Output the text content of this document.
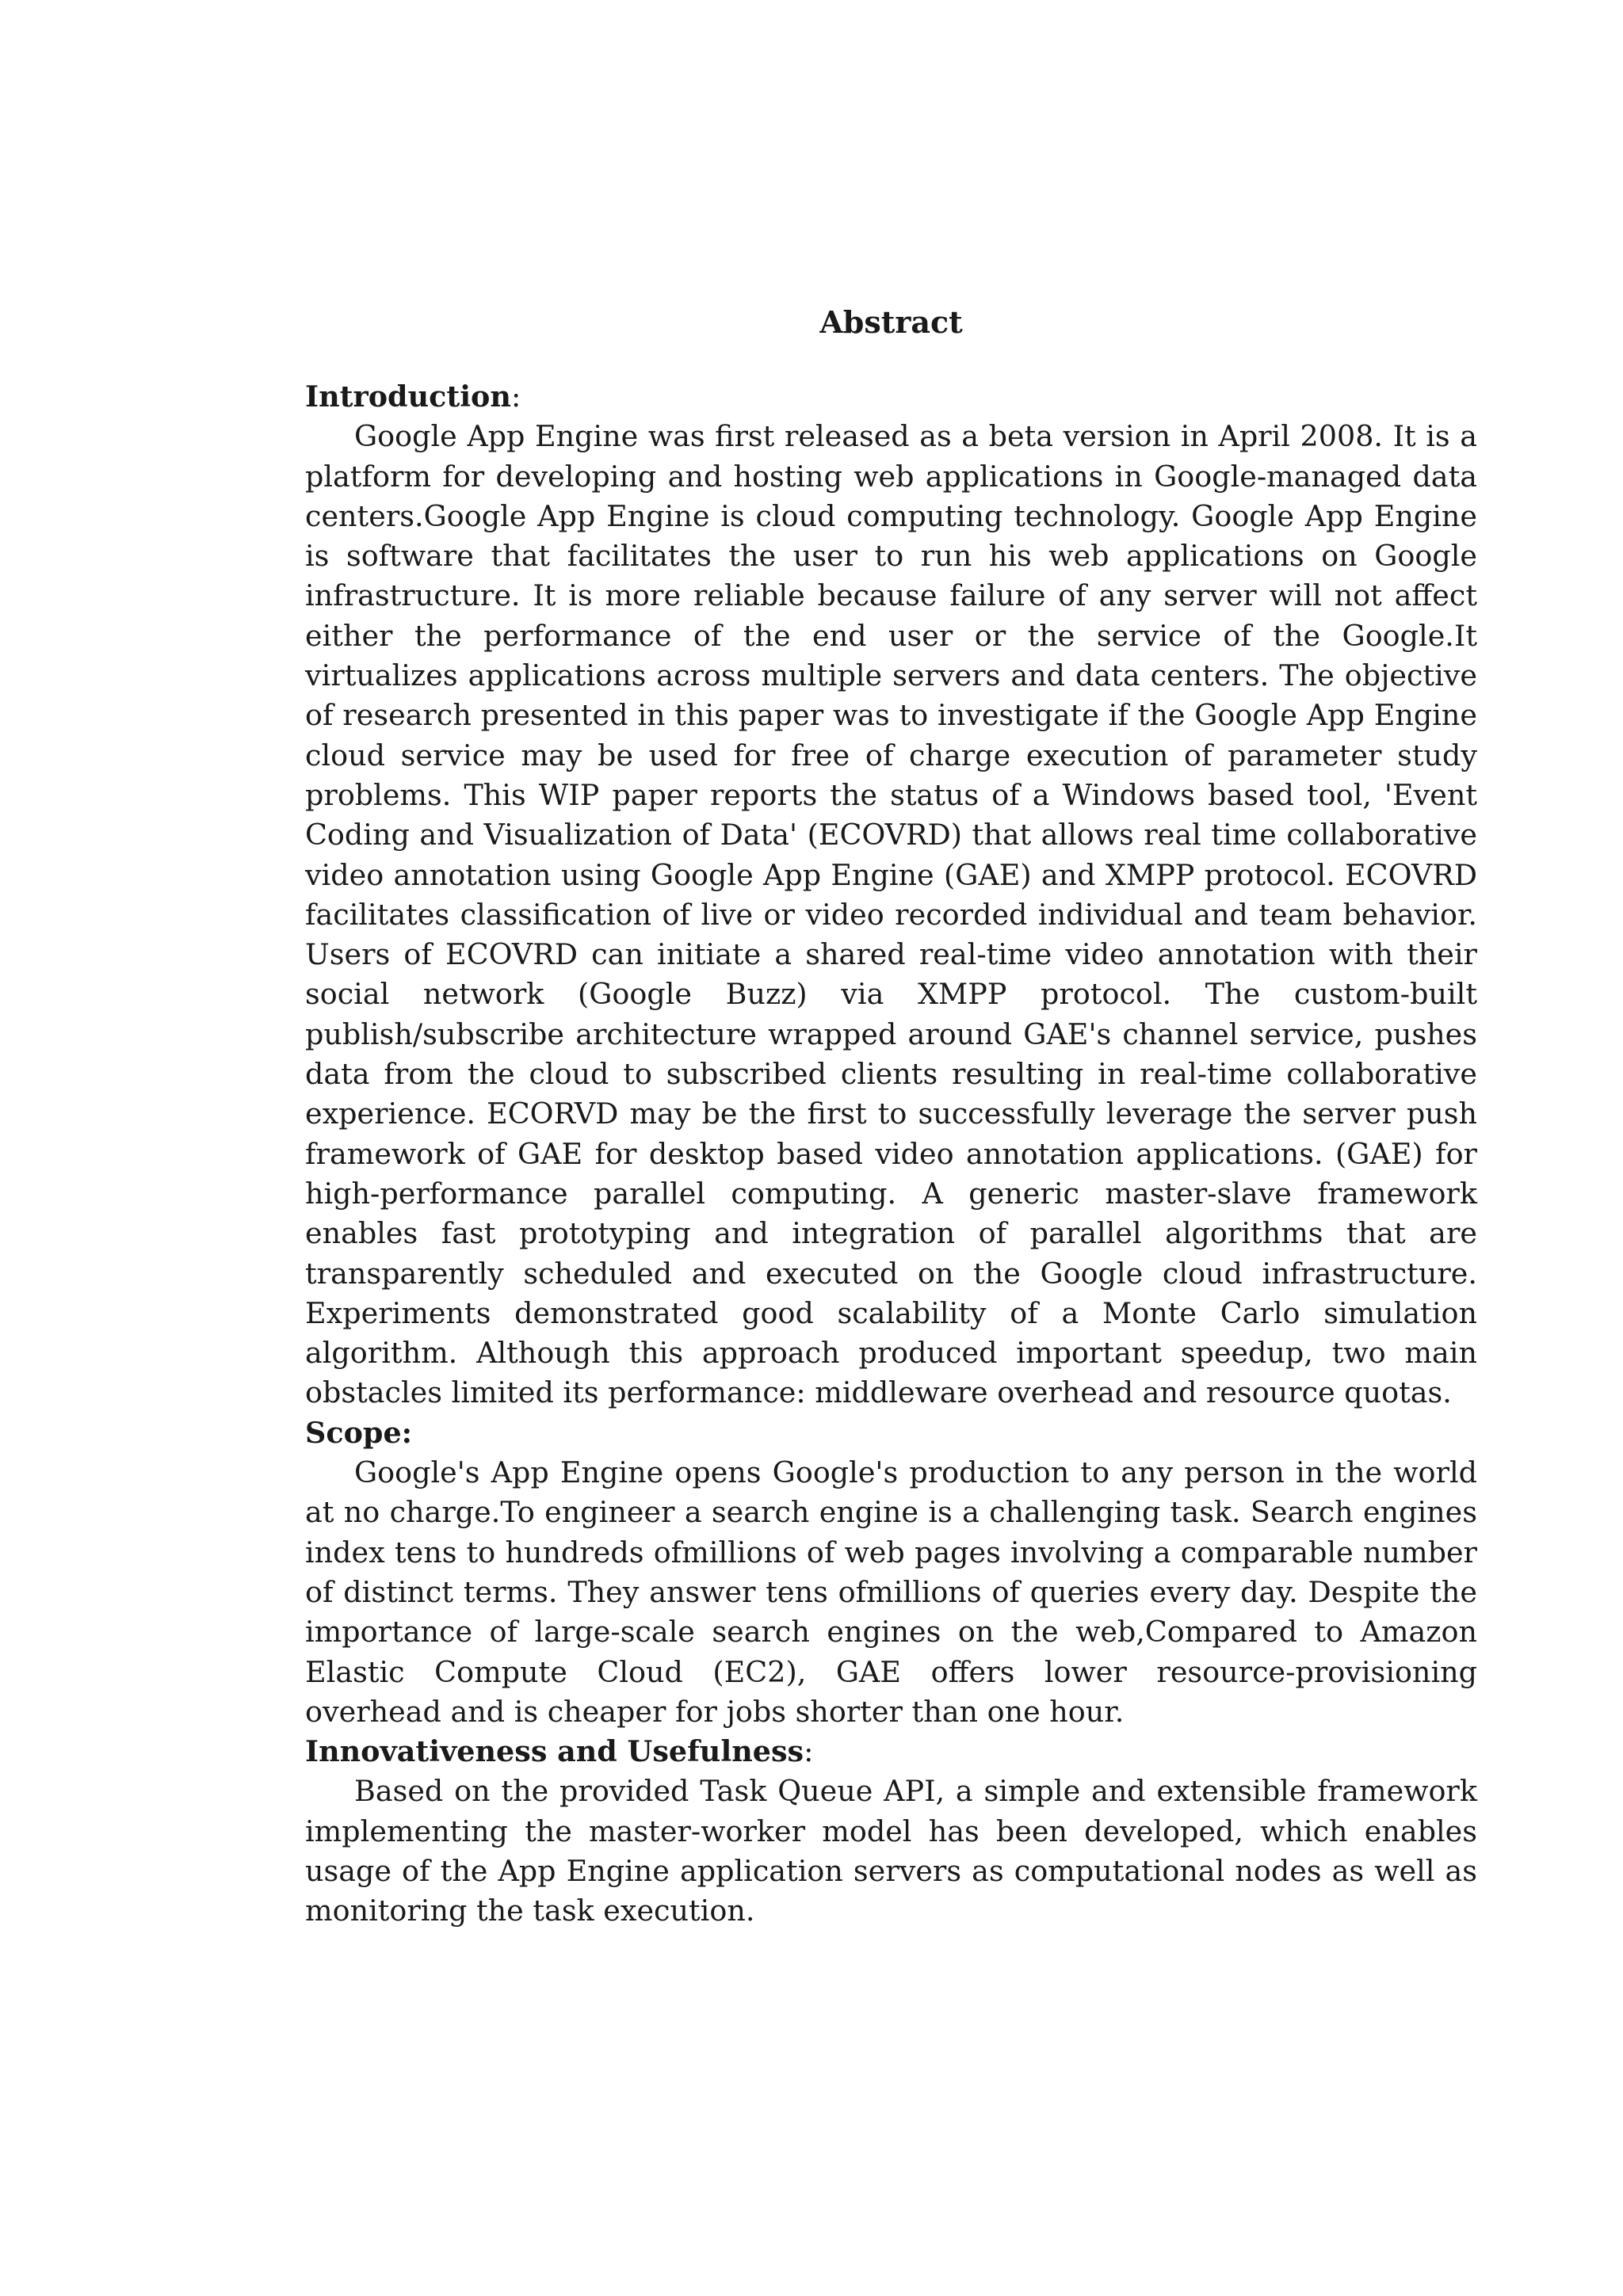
Abstract
Introduction:

Google App Engine was first released as a beta version in April 2008. It is a platform for developing and hosting web applications in Google-managed data centers.Google App Engine is cloud computing technology. Google App Engine is software that facilitates the user to run his web applications on Google infrastructure. It is more reliable because failure of any server will not affect either the performance of the end user or the service of the Google.It virtualizes applications across multiple servers and data centers. The objective of research presented in this paper was to investigate if the Google App Engine cloud service may be used for free of charge execution of parameter study problems. This WIP paper reports the status of a Windows based tool, 'Event Coding and Visualization of Data' (ECOVRD) that allows real time collaborative video annotation using Google App Engine (GAE) and XMPP protocol. ECOVRD facilitates classification of live or video recorded individual and team behavior. Users of ECOVRD can initiate a shared real-time video annotation with their social network (Google Buzz) via XMPP protocol. The custom-built publish/subscribe architecture wrapped around GAE's channel service, pushes data from the cloud to subscribed clients resulting in real-time collaborative experience. ECORVD may be the first to successfully leverage the server push framework of GAE for desktop based video annotation applications. (GAE) for high-performance parallel computing. A generic master-slave framework enables fast prototyping and integration of parallel algorithms that are transparently scheduled and executed on the Google cloud infrastructure. Experiments demonstrated good scalability of a Monte Carlo simulation algorithm. Although this approach produced important speedup, two main obstacles limited its performance: middleware overhead and resource quotas.

Scope:

Google's App Engine opens Google's production to any person in the world at no charge.To engineer a search engine is a challenging task. Search engines index tens to hundreds ofmillions of web pages involving a comparable number of distinct terms. They answer tens ofmillions of queries every day. Despite the importance of large-scale search engines on the web,Compared to Amazon Elastic Compute Cloud (EC2), GAE offers lower resource-provisioning overhead and is cheaper for jobs shorter than one hour.

Innovativeness and Usefulness:

Based on the provided Task Queue API, a simple and extensible framework implementing the master-worker model has been developed, which enables usage of the App Engine application servers as computational nodes as well as monitoring the task execution.
